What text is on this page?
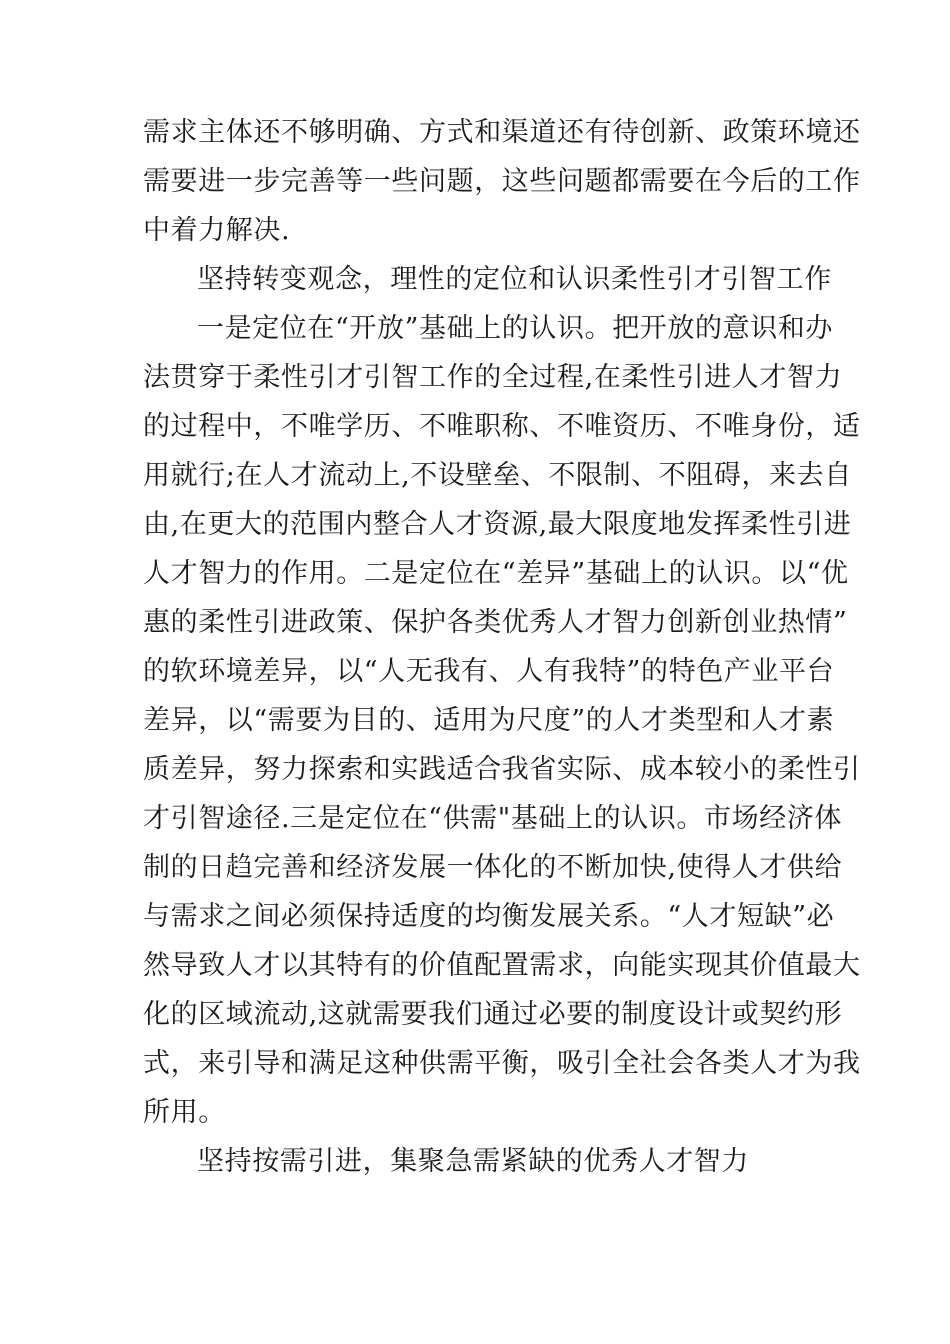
需求主体还不够明确、方式和渠道还有待创新、政策环境还
需要进一步完善等一些问题，这些问题都需要在今后的工作
中着力解决.
坚持转变观念，理性的定位和认识柔性引才引智工作
一是定位在“开放”基础上的认识。把开放的意识和办
法贯穿于柔性引才引智工作的全过程,在柔性引进人才智力
的过程中，不唯学历、不唯职称、不唯资历、不唯身份，适
用就行;在人才流动上,不设壁垒、不限制、不阻碍，来去自
由,在更大的范围内整合人才资源,最大限度地发挥柔性引进
人才智力的作用。二是定位在“差异”基础上的认识。以“优
惠的柔性引进政策、保护各类优秀人才智力创新创业热情”
的软环境差异，以“人无我有、人有我特”的特色产业平台
差异，以“需要为目的、适用为尺度”的人才类型和人才素
质差异，努力探索和实践适合我省实际、成本较小的柔性引
才引智途径.三是定位在“供需"基础上的认识。市场经济体
制的日趋完善和经济发展一体化的不断加快,使得人才供给
与需求之间必须保持适度的均衡发展关系。“人才短缺”必
然导致人才以其特有的价值配置需求，向能实现其价值最大
化的区域流动,这就需要我们通过必要的制度设计或契约形
式，来引导和满足这种供需平衡，吸引全社会各类人才为我
所用。
坚持按需引进，集聚急需紧缺的优秀人才智力
